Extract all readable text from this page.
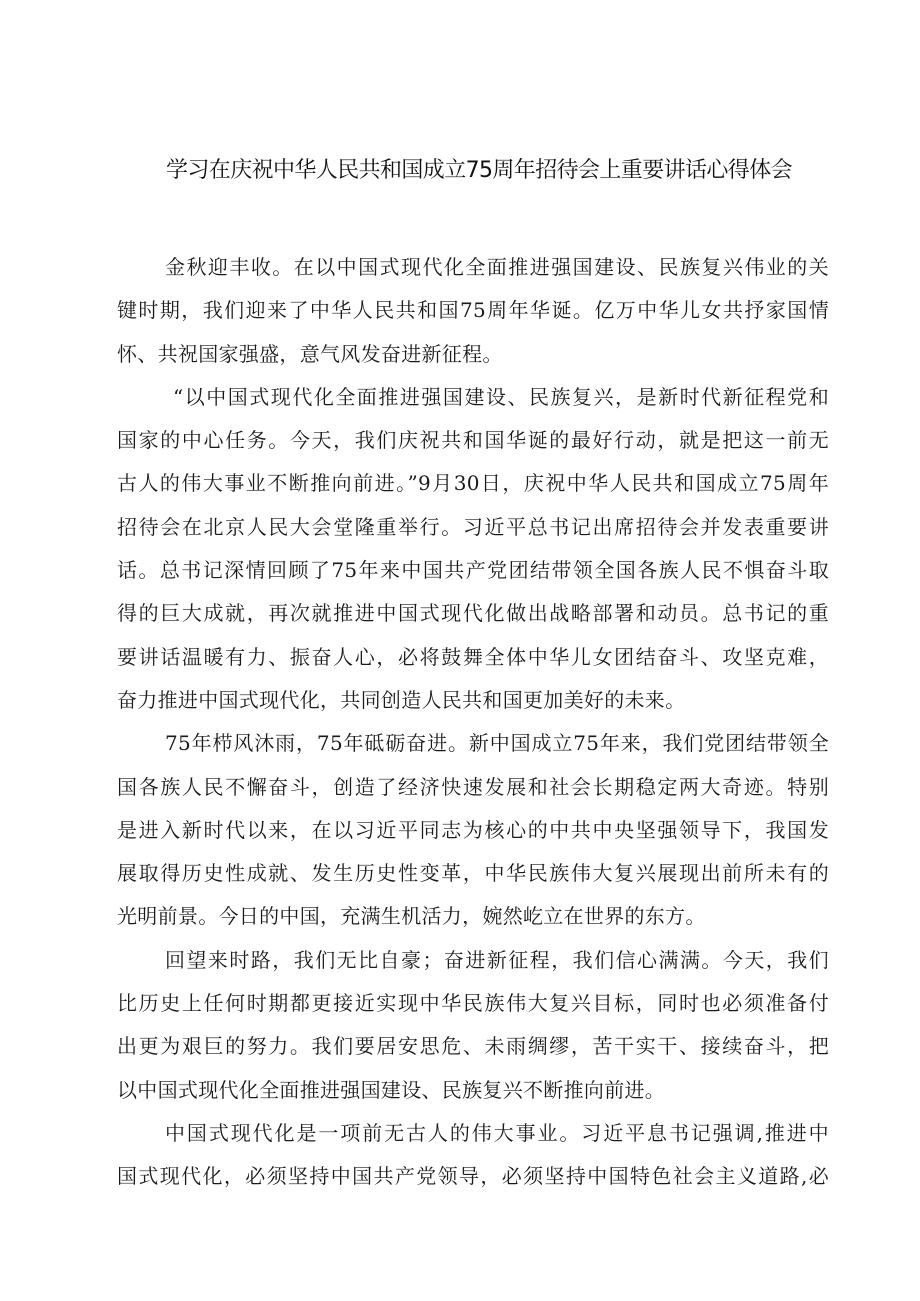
学习在庆祝中华人民共和国成立75周年招待会上重要讲话心得体会
金秋迎丰收。在以中国式现代化全面推进强国建设、民族复兴伟业的关
键时期，我们迎来了中华人民共和国75周年华诞。亿万中华儿女共抒家国情
怀、共祝国家强盛，意气风发奋进新征程。
“以中国式现代化全面推进强国建设、民族复兴，是新时代新征程党和
国家的中心任务。今天，我们庆祝共和国华诞的最好行动，就是把这一前无
古人的伟大事业不断推向前进。”9月30日，庆祝中华人民共和国成立75周年
招待会在北京人民大会堂隆重举行。习近平总书记出席招待会并发表重要讲
话。总书记深情回顾了75年来中国共产党团结带领全国各族人民不惧奋斗取
得的巨大成就，再次就推进中国式现代化做出战略部署和动员。总书记的重
要讲话温暖有力、振奋人心，必将鼓舞全体中华儿女团结奋斗、攻坚克难，
奋力推进中国式现代化，共同创造人民共和国更加美好的未来。
75年栉风沐雨，75年砥砺奋进。新中国成立75年来，我们党团结带领全
国各族人民不懈奋斗，创造了经济快速发展和社会长期稳定两大奇迹。特别
是进入新时代以来，在以习近平同志为核心的中共中央坚强领导下，我国发
展取得历史性成就、发生历史性变革，中华民族伟大复兴展现出前所未有的
光明前景。今日的中国，充满生机活力，婉然屹立在世界的东方。
回望来时路，我们无比自豪；奋进新征程，我们信心满满。今天，我们
比历史上任何时期都更接近实现中华民族伟大复兴目标，同时也必须准备付
出更为艰巨的努力。我们要居安思危、未雨绸缪，苦干实干、接续奋斗，把
以中国式现代化全面推进强国建设、民族复兴不断推向前进。
中国式现代化是一项前无古人的伟大事业。习近平息书记强调,推进中
国式现代化，必须坚持中国共产党领导，必须坚持中国特色社会主义道路,必
